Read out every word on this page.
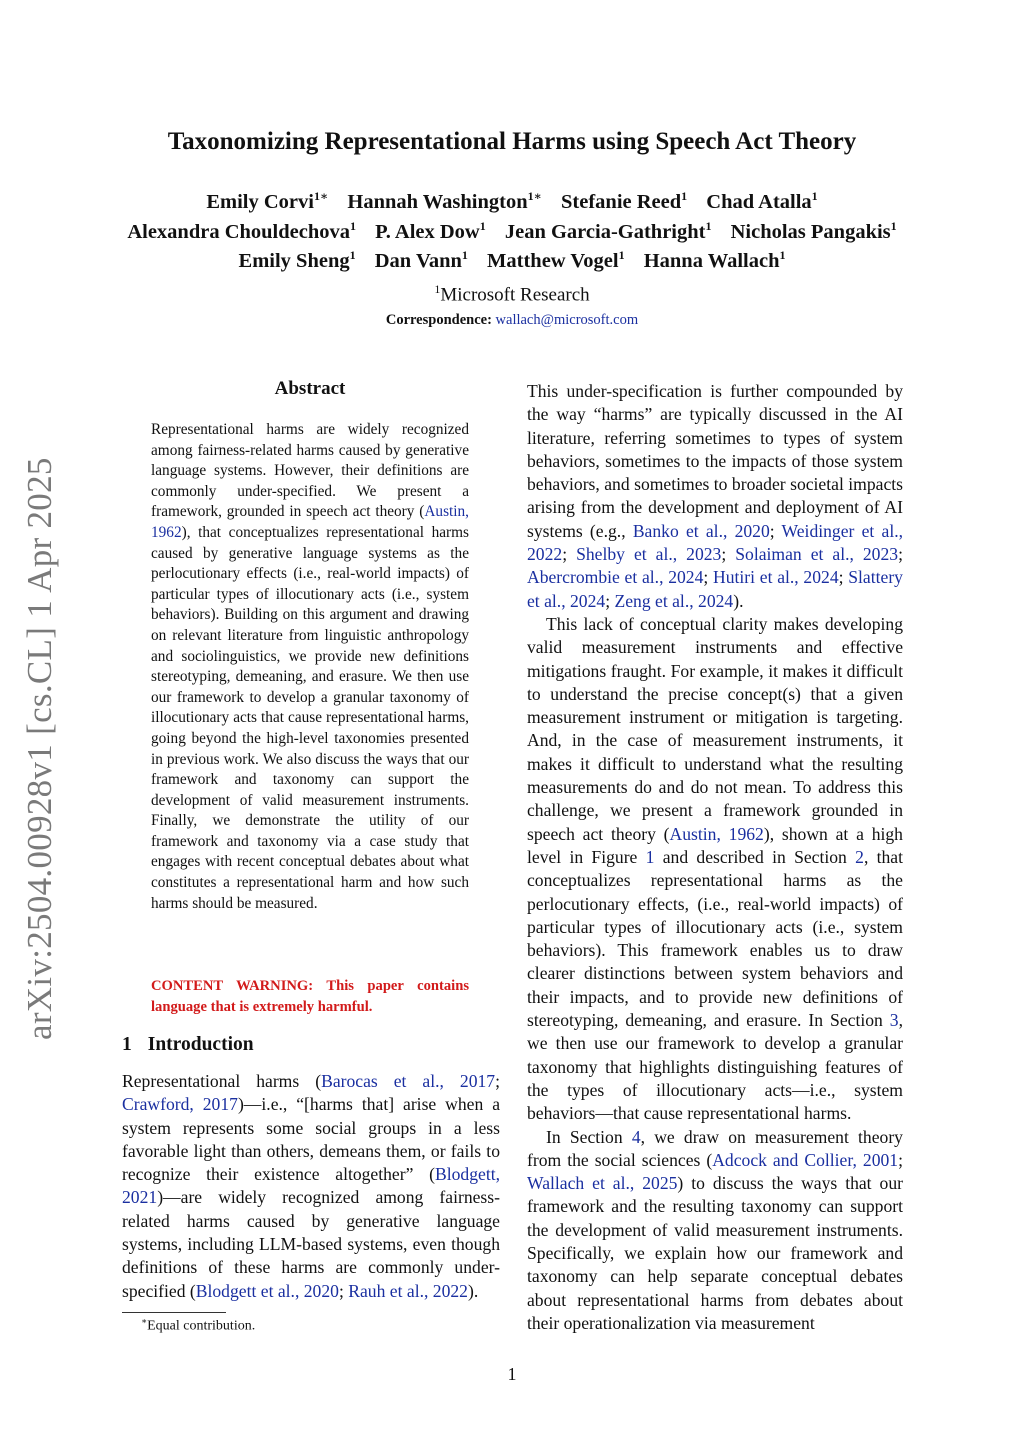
arXiv:2504.00928v1 [cs.CL] 1 Apr 2025
Taxonomizing Representational Harms using Speech Act Theory
Emily Corvi$^{1∗}$ Hannah Washington$^{1∗}$ Stefanie Reed$^1$ Chad Atalla$^1$
Alexandra Chouldechova$^1$ P. Alex Dow$^1$ Jean Garcia-Gathright$^1$ Nicholas Pangakis$^1$
Emily Sheng$^1$ Dan Vann$^1$ Matthew Vogel$^1$ Hanna Wallach$^1$
$^1$Microsoft Research
Correspondence: wallach@microsoft.com
Abstract
Representational harms are widely recognized among fairness-related harms caused by generative language systems. However, their definitions are commonly under-specified. We present a framework, grounded in speech act theory (Austin, 1962), that conceptualizes representational harms caused by generative language systems as the perlocutionary effects (i.e., real-world impacts) of particular types of illocutionary acts (i.e., system behaviors). Building on this argument and drawing on relevant literature from linguistic anthropology and sociolinguistics, we provide new definitions stereotyping, demeaning, and erasure. We then use our framework to develop a granular taxonomy of illocutionary acts that cause representational harms, going beyond the high-level taxonomies presented in previous work. We also discuss the ways that our framework and taxonomy can support the development of valid measurement instruments. Finally, we demonstrate the utility of our framework and taxonomy via a case study that engages with recent conceptual debates about what constitutes a representational harm and how such harms should be measured.
CONTENT WARNING: This paper contains language that is extremely harmful.
1 Introduction
Representational harms (Barocas et al., 2017; Crawford, 2017)—i.e., “[harms that] arise when a system represents some social groups in a less favorable light than others, demeans them, or fails to recognize their existence altogether” (Blodgett, 2021)—are widely recognized among fairness-related harms caused by generative language systems, including LLM-based systems, even though definitions of these harms are commonly under-specified (Blodgett et al., 2020; Rauh et al., 2022).
∗Equal contribution.

This under-specification is further compounded by the way “harms” are typically discussed in the AI literature, referring sometimes to types of system behaviors, sometimes to the impacts of those system behaviors, and sometimes to broader societal impacts arising from the development and deployment of AI systems (e.g., Banko et al., 2020; Weidinger et al., 2022; Shelby et al., 2023; Solaiman et al., 2023; Abercrombie et al., 2024; Hutiri et al., 2024; Slattery et al., 2024; Zeng et al., 2024).

This lack of conceptual clarity makes developing valid measurement instruments and effective mitigations fraught. For example, it makes it difficult to understand the precise concept(s) that a given measurement instrument or mitigation is targeting. And, in the case of measurement instruments, it makes it difficult to understand what the resulting measurements do and do not mean. To address this challenge, we present a framework grounded in speech act theory (Austin, 1962), shown at a high level in Figure 1 and described in Section 2, that conceptualizes representational harms as the perlocutionary effects, (i.e., real-world impacts) of particular types of illocutionary acts (i.e., system behaviors). This framework enables us to draw clearer distinctions between system behaviors and their impacts, and to provide new definitions of stereotyping, demeaning, and erasure. In Section 3, we then use our framework to develop a granular taxonomy that highlights distinguishing features of the types of illocutionary acts—i.e., system behaviors—that cause representational harms.

In Section 4, we draw on measurement theory from the social sciences (Adcock and Collier, 2001; Wallach et al., 2025) to discuss the ways that our framework and the resulting taxonomy can support the development of valid measurement instruments. Specifically, we explain how our framework and taxonomy can help separate conceptual debates about representational harms from debates about their operationalization via measurement

1
